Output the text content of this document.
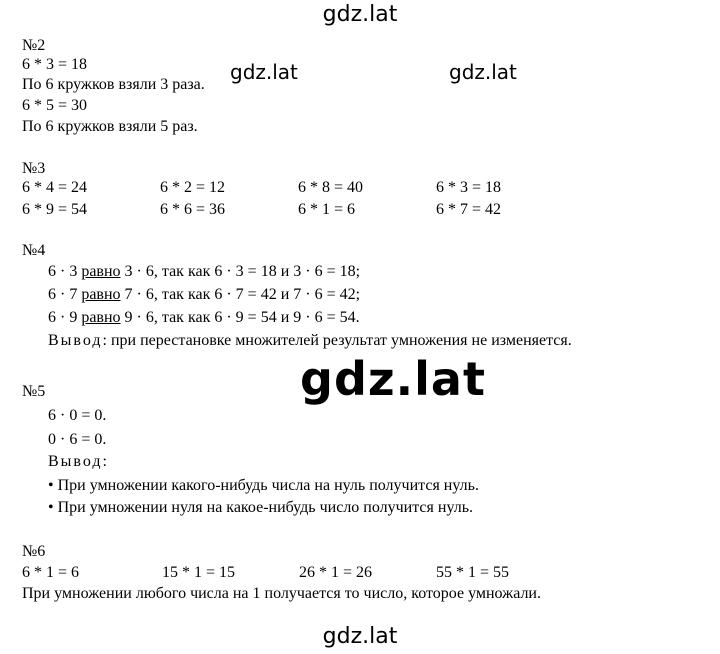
gdz.lat
gdz.lat	gdz.lat
gdz.lat
gdz.lat
№2
6 * 3 = 18
По 6 кружков взяли 3 раза.
6 * 5 = 30
По 6 кружков взяли 5 раз.
№3
6 * 4 = 24	6 * 2 = 12	6 * 8 = 40	6 * 3 = 18
6 * 9 = 54	6 * 6 = 36	6 * 1 = 6	6 * 7 = 42
№4
6 · 3 равно 3 · 6, так как 6 · 3 = 18 и 3 · 6 = 18;
6 · 7 равно 7 · 6, так как 6 · 7 = 42 и 7 · 6 = 42;
6 · 9 равно 9 · 6, так как 6 · 9 = 54 и 9 · 6 = 54.
Вывод: при перестановке множителей результат умножения не изменяется.
№5
6 · 0 = 0.
0 · 6 = 0.
Вывод:
• При умножении какого-нибудь числа на нуль получится нуль.
• При умножении нуля на какое-нибудь число получится нуль.
№6
6 * 1 = 6	15 * 1 = 15	26 * 1 = 26	55 * 1 = 55
При умножении любого числа на 1 получается то число, которое умножали.
